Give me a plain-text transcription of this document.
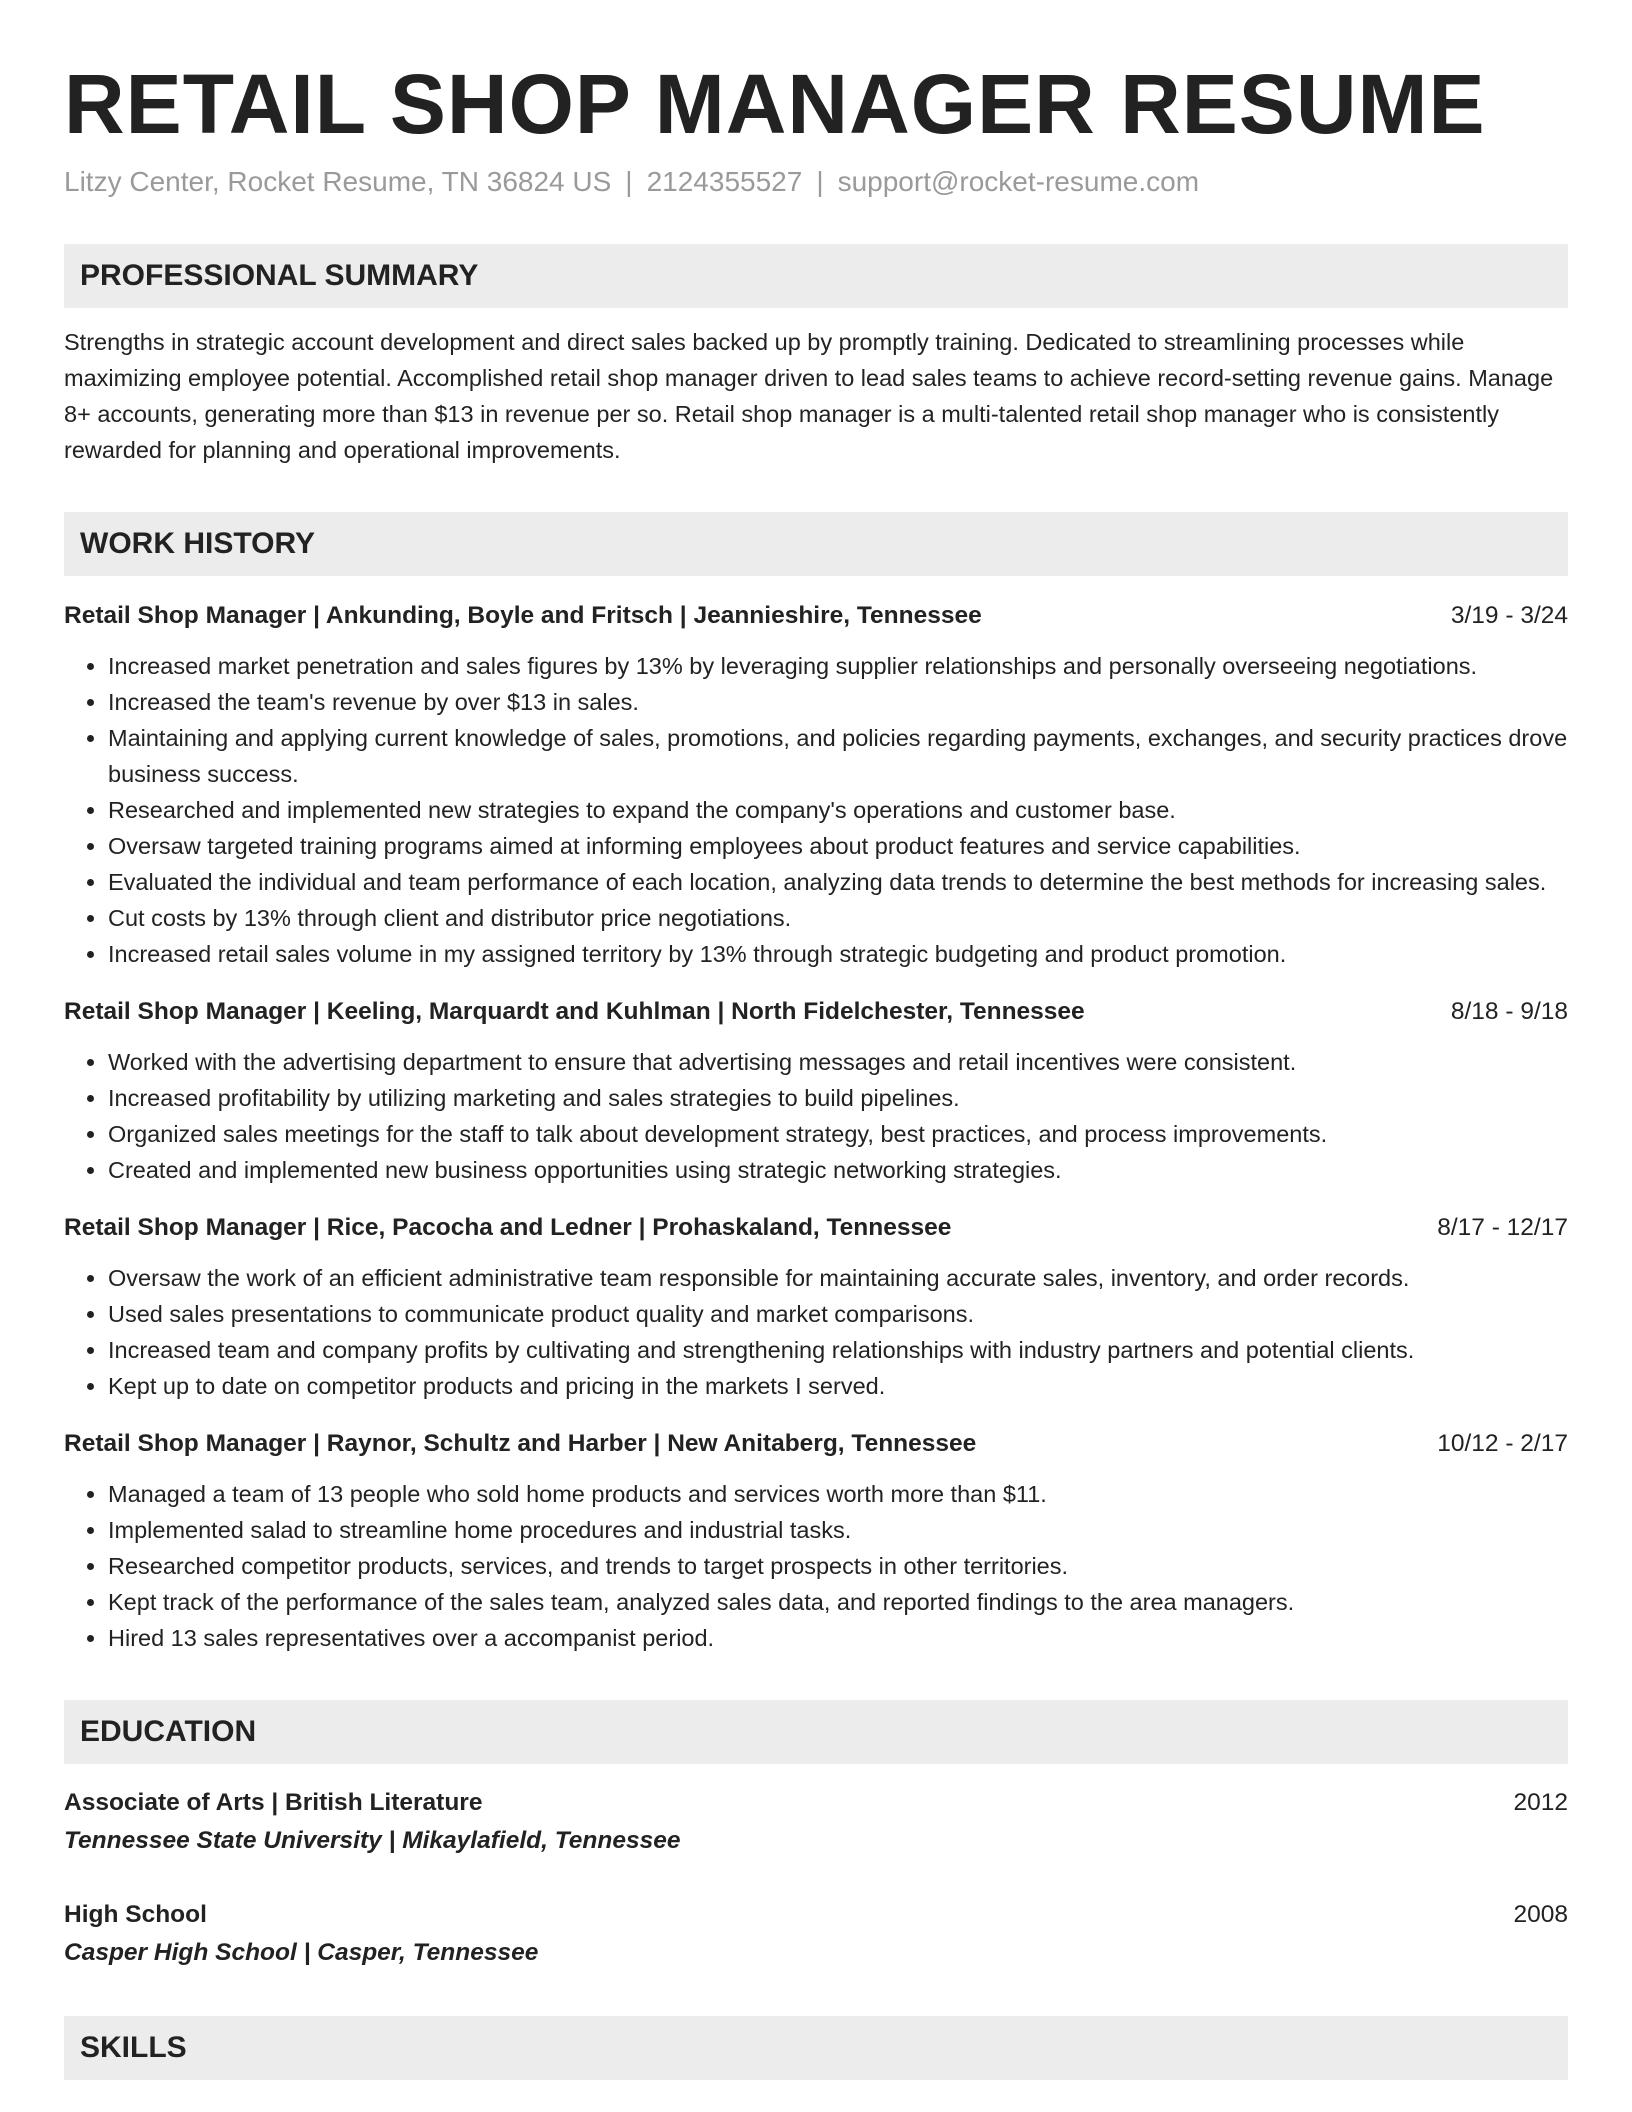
RETAIL SHOP MANAGER RESUME
Litzy Center, Rocket Resume, TN 36824 US | 2124355527 | support@rocket-resume.com
PROFESSIONAL SUMMARY
Strengths in strategic account development and direct sales backed up by promptly training. Dedicated to streamlining processes while maximizing employee potential. Accomplished retail shop manager driven to lead sales teams to achieve record-setting revenue gains. Manage 8+ accounts, generating more than $13 in revenue per so. Retail shop manager is a multi-talented retail shop manager who is consistently rewarded for planning and operational improvements.
WORK HISTORY
Retail Shop Manager | Ankunding, Boyle and Fritsch | Jeannieshire, Tennessee	3/19 - 3/24
• Increased market penetration and sales figures by 13% by leveraging supplier relationships and personally overseeing negotiations.
• Increased the team's revenue by over $13 in sales.
• Maintaining and applying current knowledge of sales, promotions, and policies regarding payments, exchanges, and security practices drove business success.
• Researched and implemented new strategies to expand the company's operations and customer base.
• Oversaw targeted training programs aimed at informing employees about product features and service capabilities.
• Evaluated the individual and team performance of each location, analyzing data trends to determine the best methods for increasing sales.
• Cut costs by 13% through client and distributor price negotiations.
• Increased retail sales volume in my assigned territory by 13% through strategic budgeting and product promotion.
Retail Shop Manager | Keeling, Marquardt and Kuhlman | North Fidelchester, Tennessee	8/18 - 9/18
• Worked with the advertising department to ensure that advertising messages and retail incentives were consistent.
• Increased profitability by utilizing marketing and sales strategies to build pipelines.
• Organized sales meetings for the staff to talk about development strategy, best practices, and process improvements.
• Created and implemented new business opportunities using strategic networking strategies.
Retail Shop Manager | Rice, Pacocha and Ledner | Prohaskaland, Tennessee	8/17 - 12/17
• Oversaw the work of an efficient administrative team responsible for maintaining accurate sales, inventory, and order records.
• Used sales presentations to communicate product quality and market comparisons.
• Increased team and company profits by cultivating and strengthening relationships with industry partners and potential clients.
• Kept up to date on competitor products and pricing in the markets I served.
Retail Shop Manager | Raynor, Schultz and Harber | New Anitaberg, Tennessee	10/12 - 2/17
• Managed a team of 13 people who sold home products and services worth more than $11.
• Implemented salad to streamline home procedures and industrial tasks.
• Researched competitor products, services, and trends to target prospects in other territories.
• Kept track of the performance of the sales team, analyzed sales data, and reported findings to the area managers.
• Hired 13 sales representatives over a accompanist period.
EDUCATION
Associate of Arts | British Literature	2012
Tennessee State University | Mikaylafield, Tennessee
High School	2008
Casper High School | Casper, Tennessee
SKILLS
